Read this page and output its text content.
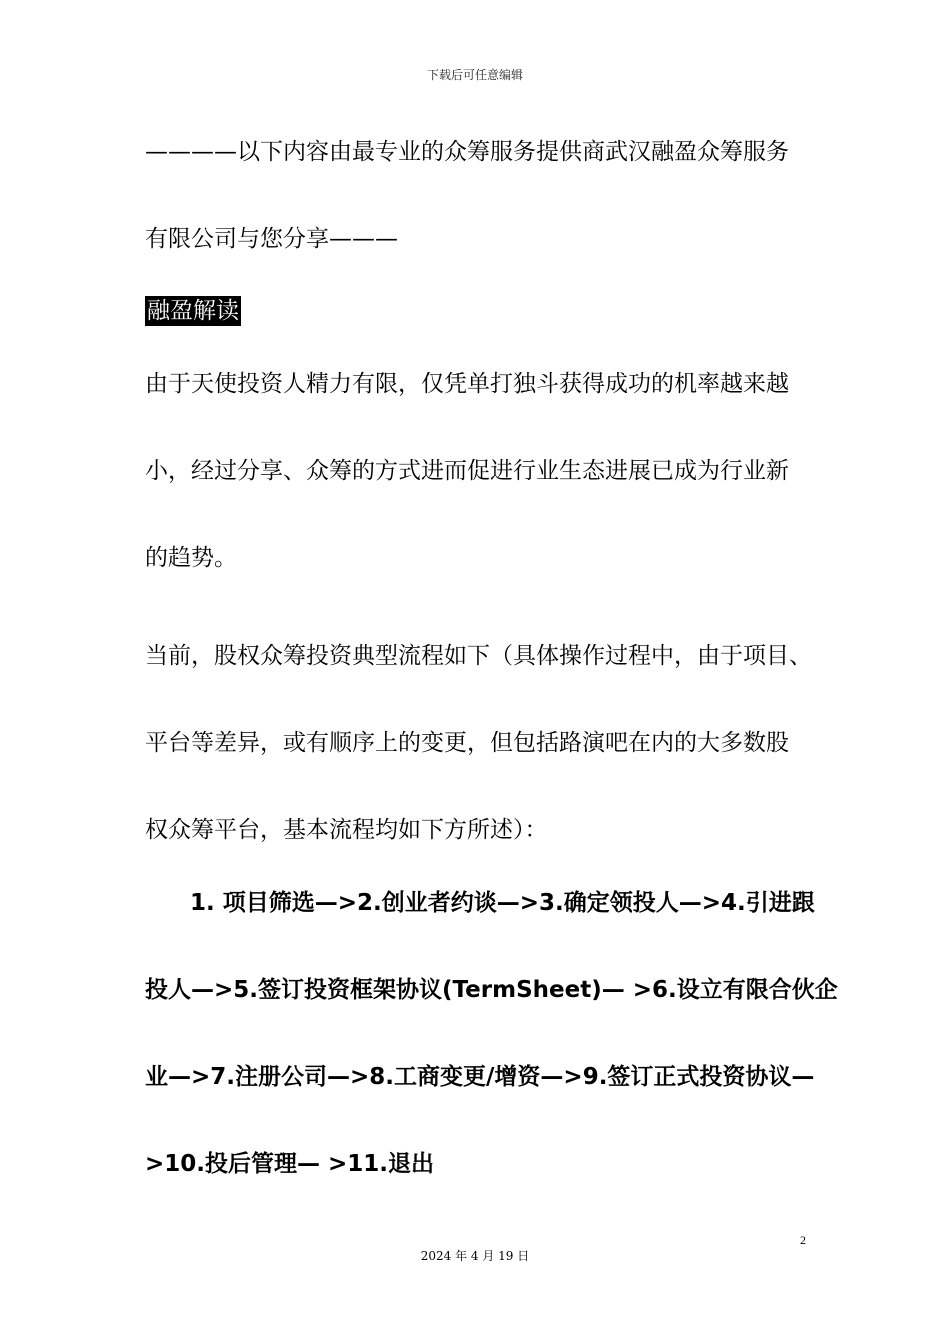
下载后可任意编辑
————以下内容由最专业的众筹服务提供商武汉融盈众筹服务
有限公司与您分享———
融盈解读
由于天使投资人精力有限，仅凭单打独斗获得成功的机率越来越
小，经过分享、众筹的方式进而促进行业生态进展已成为行业新
的趋势。
当前，股权众筹投资典型流程如下（具体操作过程中，由于项目、
平台等差异，或有顺序上的变更，但包括路演吧在内的大多数股
权众筹平台，基本流程均如下方所述）：
1. 项目筛选—>2.创业者约谈—>3.确定领投人—>4.引进跟
投人—>5.签订投资框架协议(TermSheet)— >6.设立有限合伙企
业—>7.注册公司—>8.工商变更/增资—>9.签订正式投资协议—
>10.投后管理— >11.退出
2
2024 年 4 月 19 日
